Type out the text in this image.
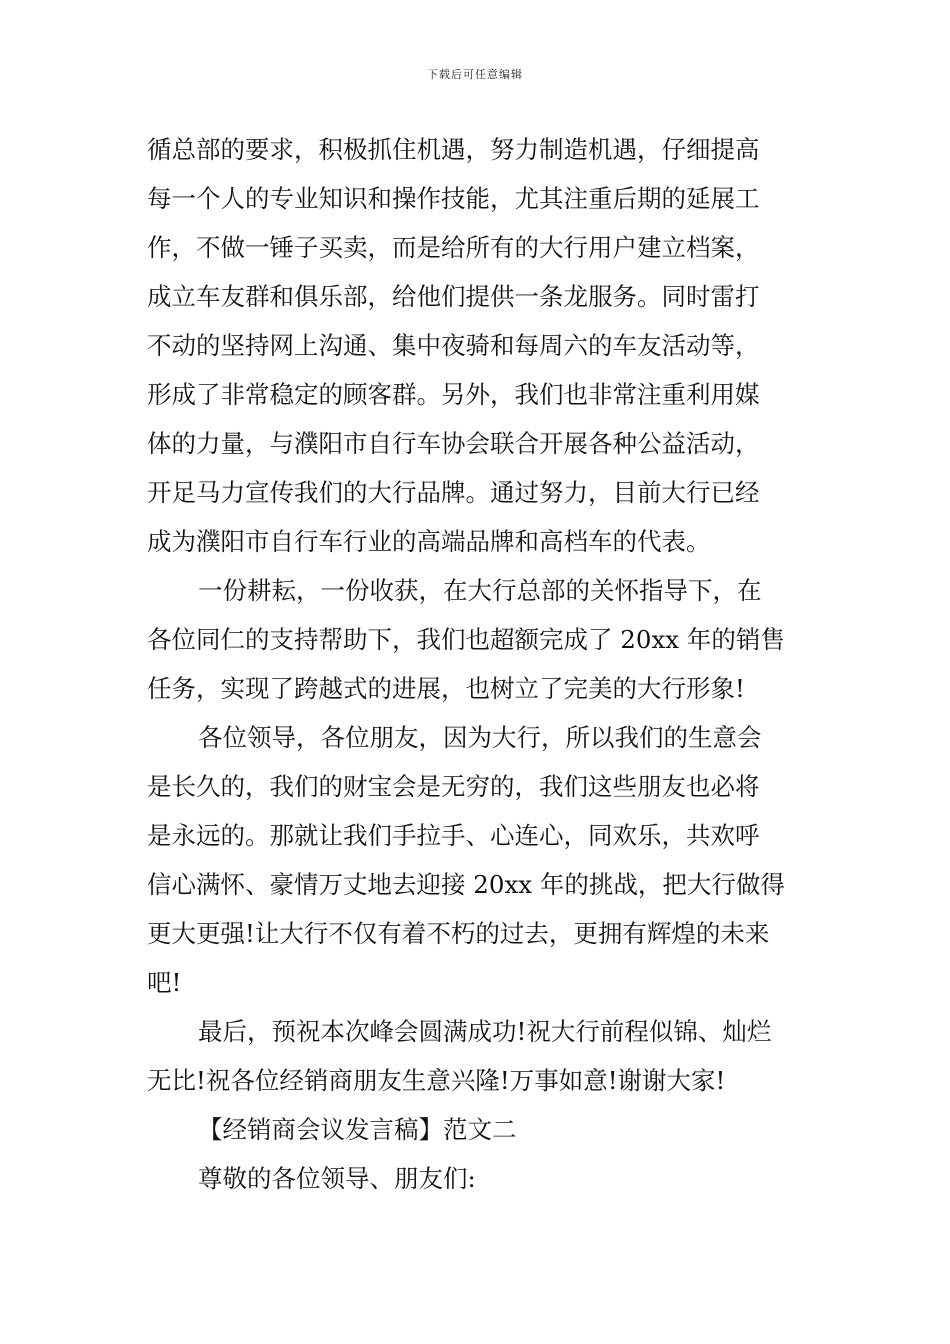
下载后可任意编辑
循总部的要求，积极抓住机遇，努力制造机遇，仔细提高
每一个人的专业知识和操作技能，尤其注重后期的延展工
作，不做一锤子买卖，而是给所有的大行用户建立档案，
成立车友群和俱乐部，给他们提供一条龙服务。同时雷打
不动的坚持网上沟通、集中夜骑和每周六的车友活动等，
形成了非常稳定的顾客群。另外，我们也非常注重利用媒
体的力量，与濮阳市自行车协会联合开展各种公益活动，
开足马力宣传我们的大行品牌。通过努力，目前大行已经
成为濮阳市自行车行业的高端品牌和高档车的代表。
一份耕耘，一份收获，在大行总部的关怀指导下，在
各位同仁的支持帮助下，我们也超额完成了 20xx 年的销售
任务，实现了跨越式的进展，也树立了完美的大行形象!
各位领导，各位朋友，因为大行，所以我们的生意会
是长久的，我们的财宝会是无穷的，我们这些朋友也必将
是永远的。那就让我们手拉手、心连心，同欢乐，共欢呼
信心满怀、豪情万丈地去迎接 20xx 年的挑战，把大行做得
更大更强!让大行不仅有着不朽的过去，更拥有辉煌的未来
吧!
最后，预祝本次峰会圆满成功!祝大行前程似锦、灿烂
无比!祝各位经销商朋友生意兴隆!万事如意!谢谢大家!
【经销商会议发言稿】范文二
尊敬的各位领导、朋友们:
